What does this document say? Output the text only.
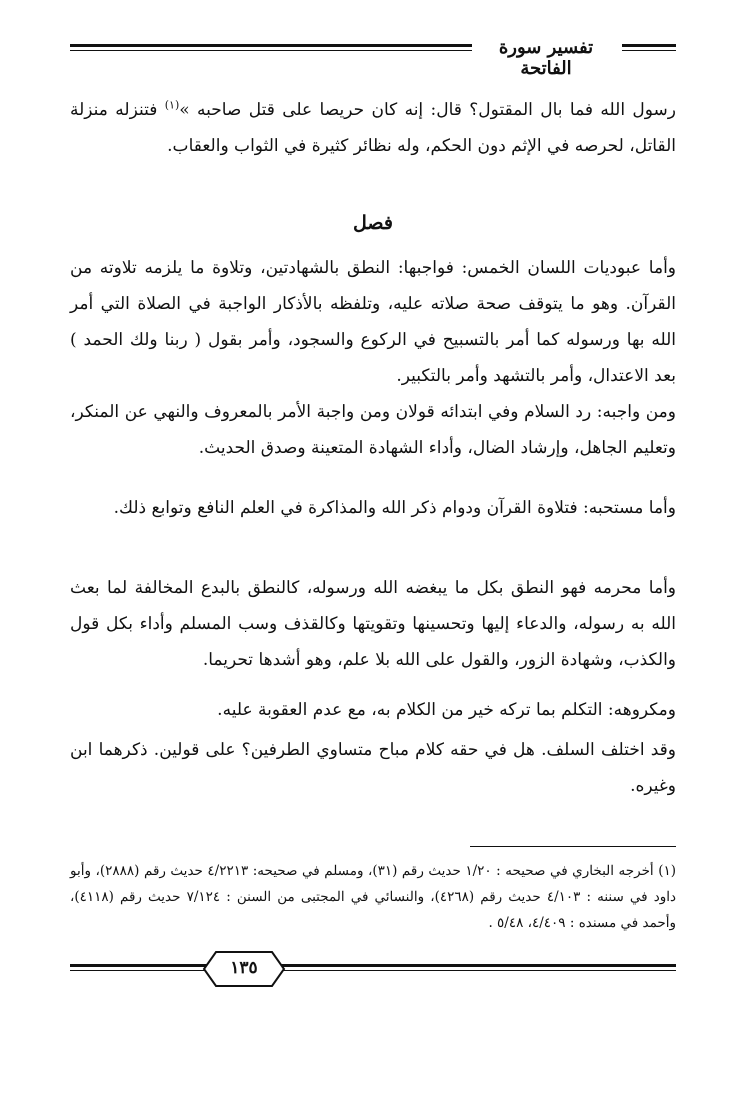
تفسير سورة الفاتحة
رسول الله فما بال المقتول؟ قال: إنه كان حريصا على قتل صاحبه »$^{(١)}$ فتنزله منزلة القاتل، لحرصه في الإثم دون الحكم، وله نظائر كثيرة في الثواب والعقاب.
فصل
وأما عبوديات اللسان الخمس: فواجبها: النطق بالشهادتين، وتلاوة ما يلزمه تلاوته من القرآن. وهو ما يتوقف صحة صلاته عليه، وتلفظه بالأذكار الواجبة في الصلاة التي أمر الله بها ورسوله كما أمر بالتسبيح في الركوع والسجود، وأمر بقول ( ربنا ولك الحمد ) بعد الاعتدال، وأمر بالتشهد وأمر بالتكبير.
ومن واجبه: رد السلام وفي ابتدائه قولان ومن واجبة الأمر بالمعروف والنهي عن المنكر، وتعليم الجاهل، وإرشاد الضال، وأداء الشهادة المتعينة وصدق الحديث.
وأما مستحبه: فتلاوة القرآن ودوام ذكر الله والمذاكرة في العلم النافع وتوابع ذلك.
وأما محرمه فهو النطق بكل ما يبغضه الله ورسوله، كالنطق بالبدع المخالفة لما بعث الله به رسوله، والدعاء إليها وتحسينها وتقويتها وكالقذف وسب المسلم وأداء بكل قول والكذب، وشهادة الزور، والقول على الله بلا علم، وهو أشدها تحريما.
ومكروهه: التكلم بما تركه خير من الكلام به، مع عدم العقوبة عليه.
وقد اختلف السلف. هل في حقه كلام مباح متساوي الطرفين؟ على قولين. ذكرهما ابن وغيره.
(١) أخرجه البخاري في صحيحه : ١/٢٠ حديث رقم (٣١)، ومسلم في صحيحه: ٤/٢٢١٣ حديث رقم (٢٨٨٨)، وأبو داود في سننه : ٤/١٠٣ حديث رقم (٤٢٦٨)، والنسائي في المجتبى من السنن : ٧/١٢٤ حديث رقم (٤١١٨)، وأحمد في مسنده : ٤/٤٠٩، ٥/٤٨ .
١٣٥
